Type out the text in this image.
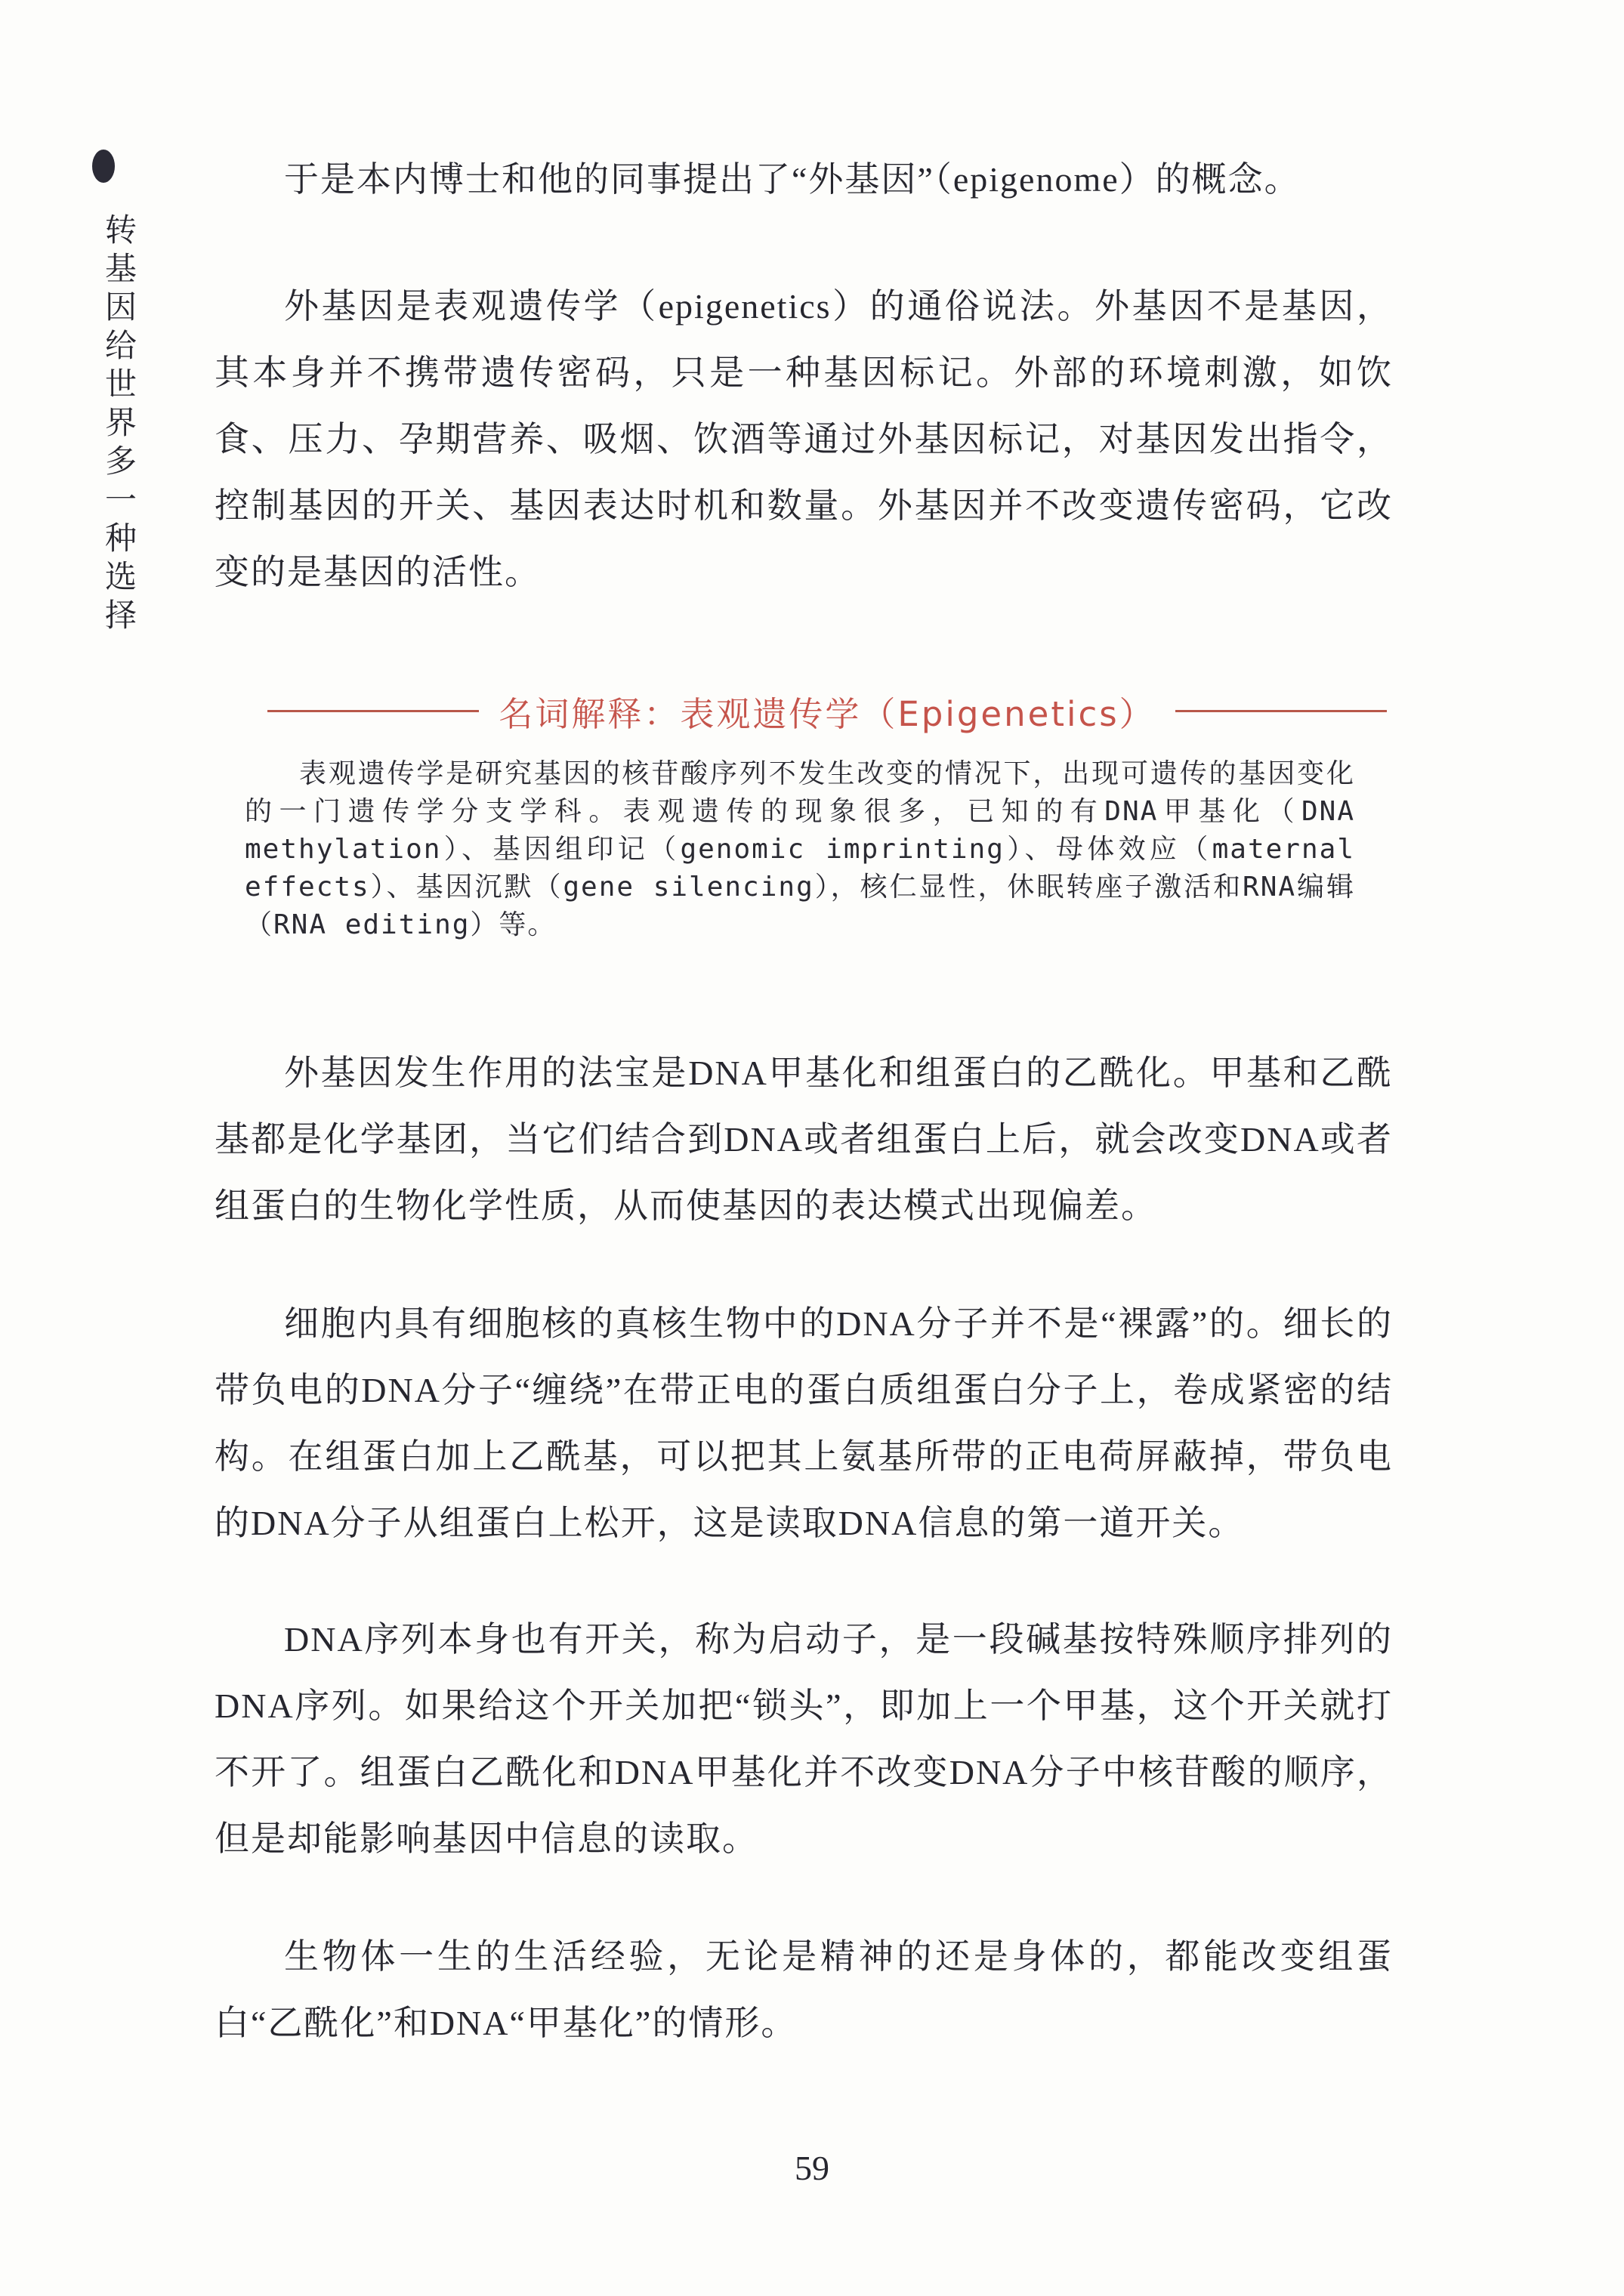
转基因给世界多一种选择

于是本内博士和他的同事提出了“外基因”（epigenome）的概念。

外基因是表观遗传学（epigenetics）的通俗说法。外基因不是基因，其本身并不携带遗传密码，只是一种基因标记。外部的环境刺激，如饮食、压力、孕期营养、吸烟、饮酒等通过外基因标记，对基因发出指令，控制基因的开关、基因表达时机和数量。外基因并不改变遗传密码，它改变的是基因的活性。

名词解释：表观遗传学（Epigenetics）

表观遗传学是研究基因的核苷酸序列不发生改变的情况下，出现可遗传的基因变化的一门遗传学分支学科。表观遗传的现象很多，已知的有DNA甲基化（DNA methylation）、基因组印记（genomic imprinting）、母体效应（maternal effects）、基因沉默（gene silencing），核仁显性，休眠转座子激活和RNA编辑（RNA editing）等。

外基因发生作用的法宝是DNA甲基化和组蛋白的乙酰化。甲基和乙酰基都是化学基团，当它们结合到DNA或者组蛋白上后，就会改变DNA或者组蛋白的生物化学性质，从而使基因的表达模式出现偏差。

细胞内具有细胞核的真核生物中的DNA分子并不是“裸露”的。细长的带负电的DNA分子“缠绕”在带正电的蛋白质组蛋白分子上，卷成紧密的结构。在组蛋白加上乙酰基，可以把其上氨基所带的正电荷屏蔽掉，带负电的DNA分子从组蛋白上松开，这是读取DNA信息的第一道开关。

DNA序列本身也有开关，称为启动子，是一段碱基按特殊顺序排列的DNA序列。如果给这个开关加把“锁头”，即加上一个甲基，这个开关就打不开了。组蛋白乙酰化和DNA甲基化并不改变DNA分子中核苷酸的顺序，但是却能影响基因中信息的读取。

生物体一生的生活经验，无论是精神的还是身体的，都能改变组蛋白“乙酰化”和DNA“甲基化”的情形。

59
